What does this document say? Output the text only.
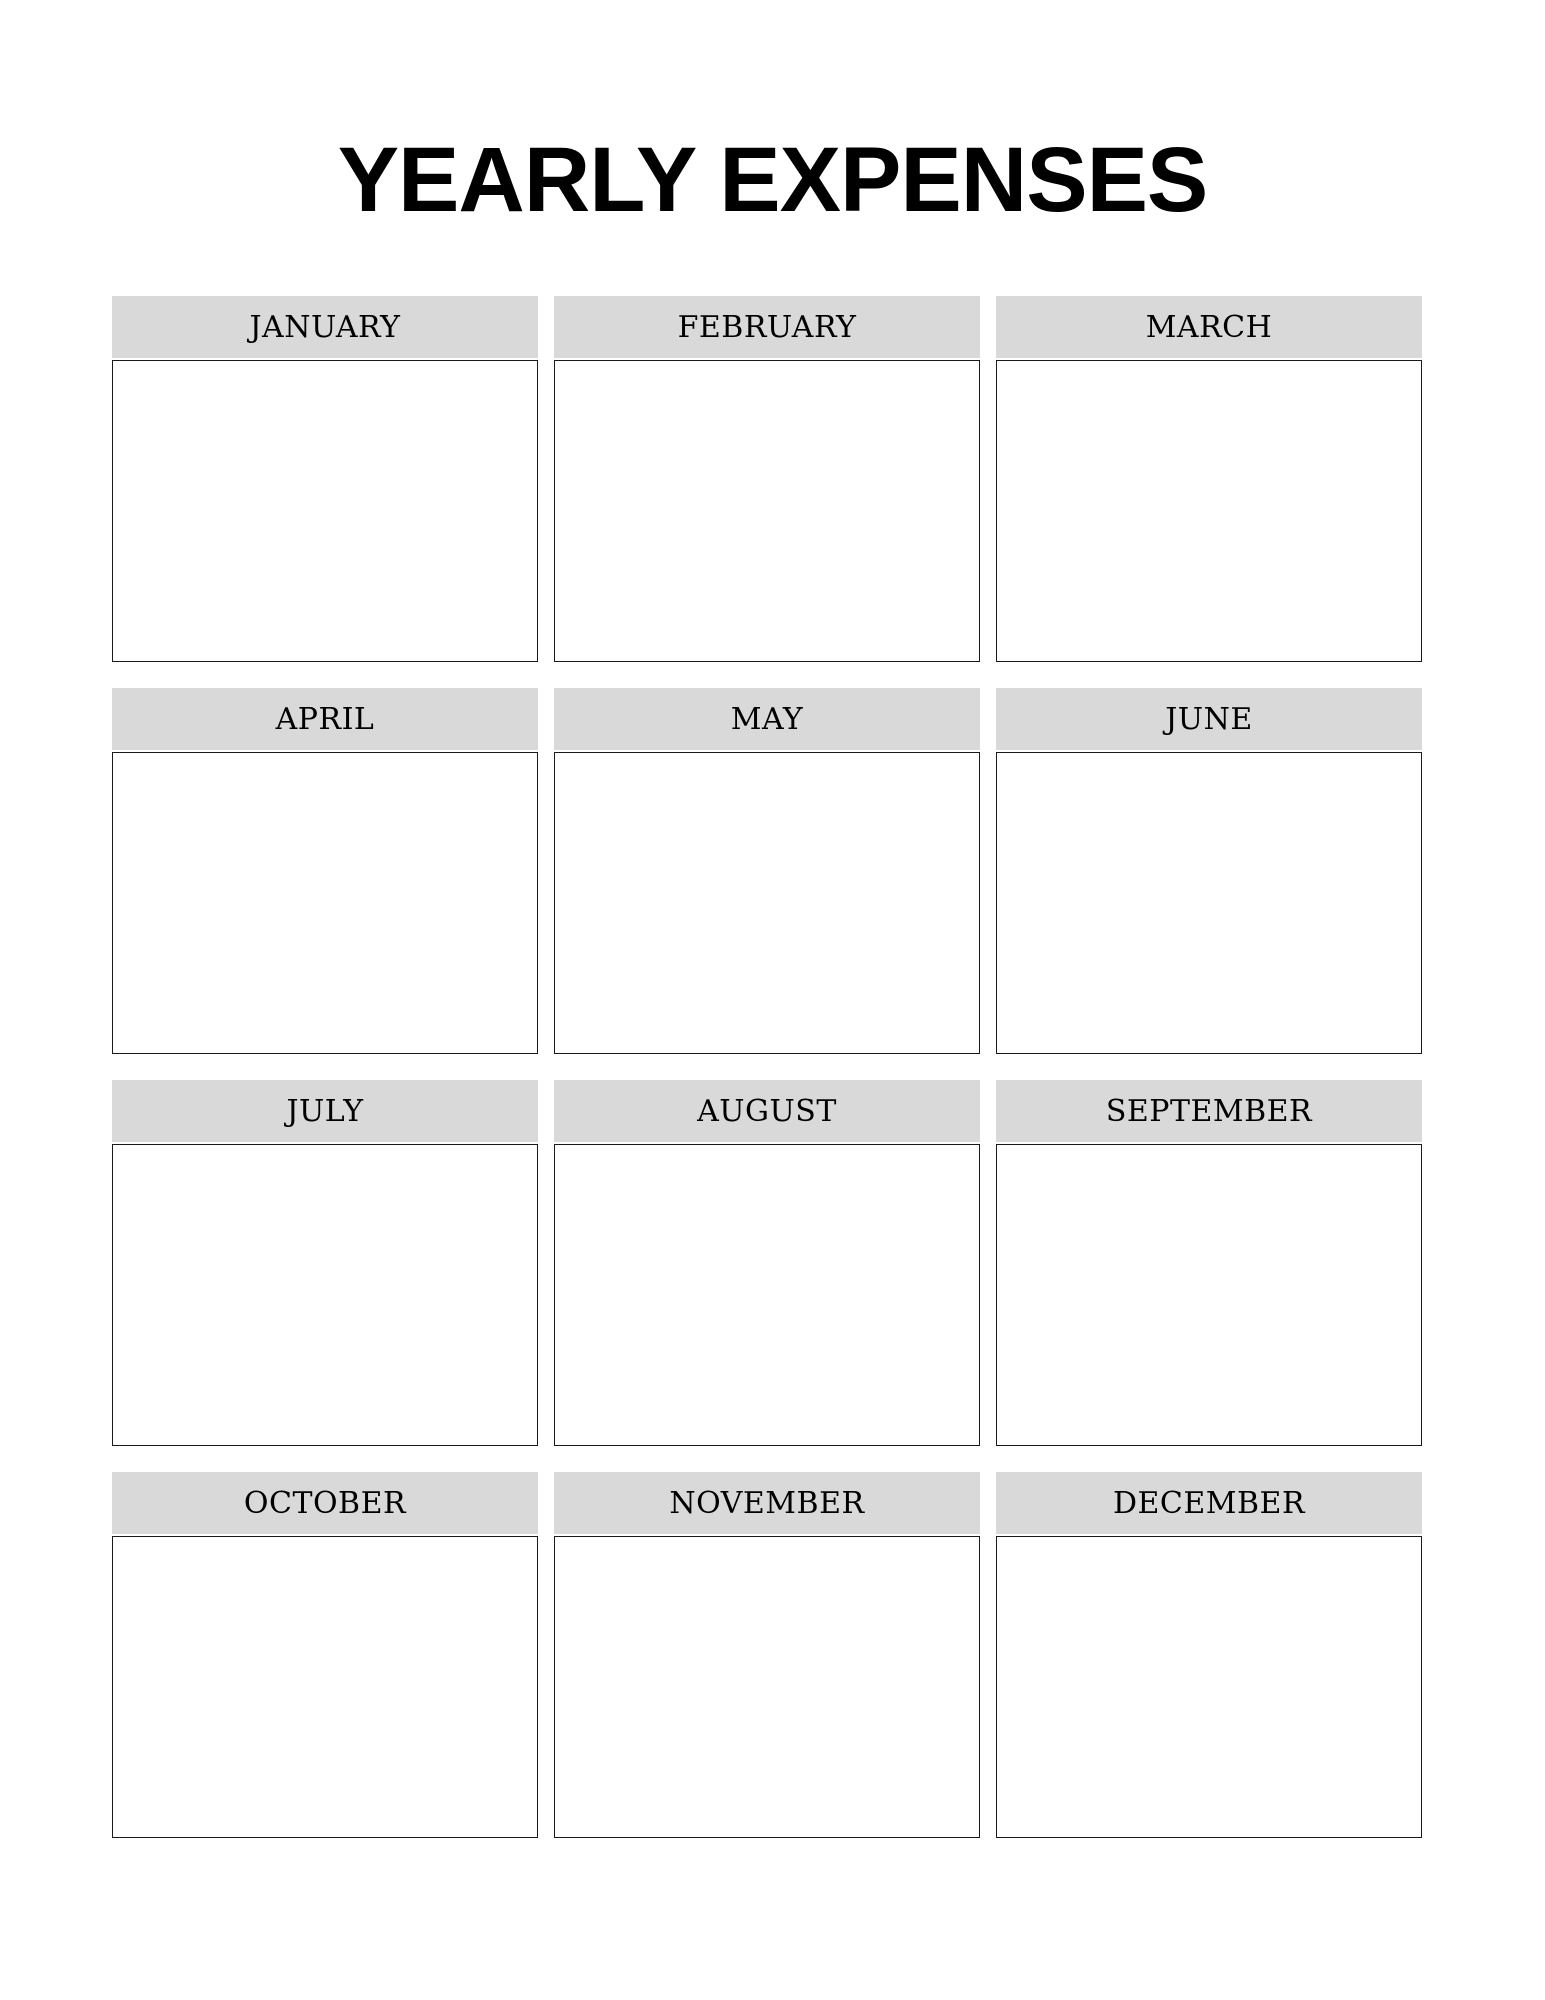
YEARLY EXPENSES
JANUARY	FEBRUARY	MARCH
APRIL	MAY	JUNE
JULY	AUGUST	SEPTEMBER
OCTOBER	NOVEMBER	DECEMBER
